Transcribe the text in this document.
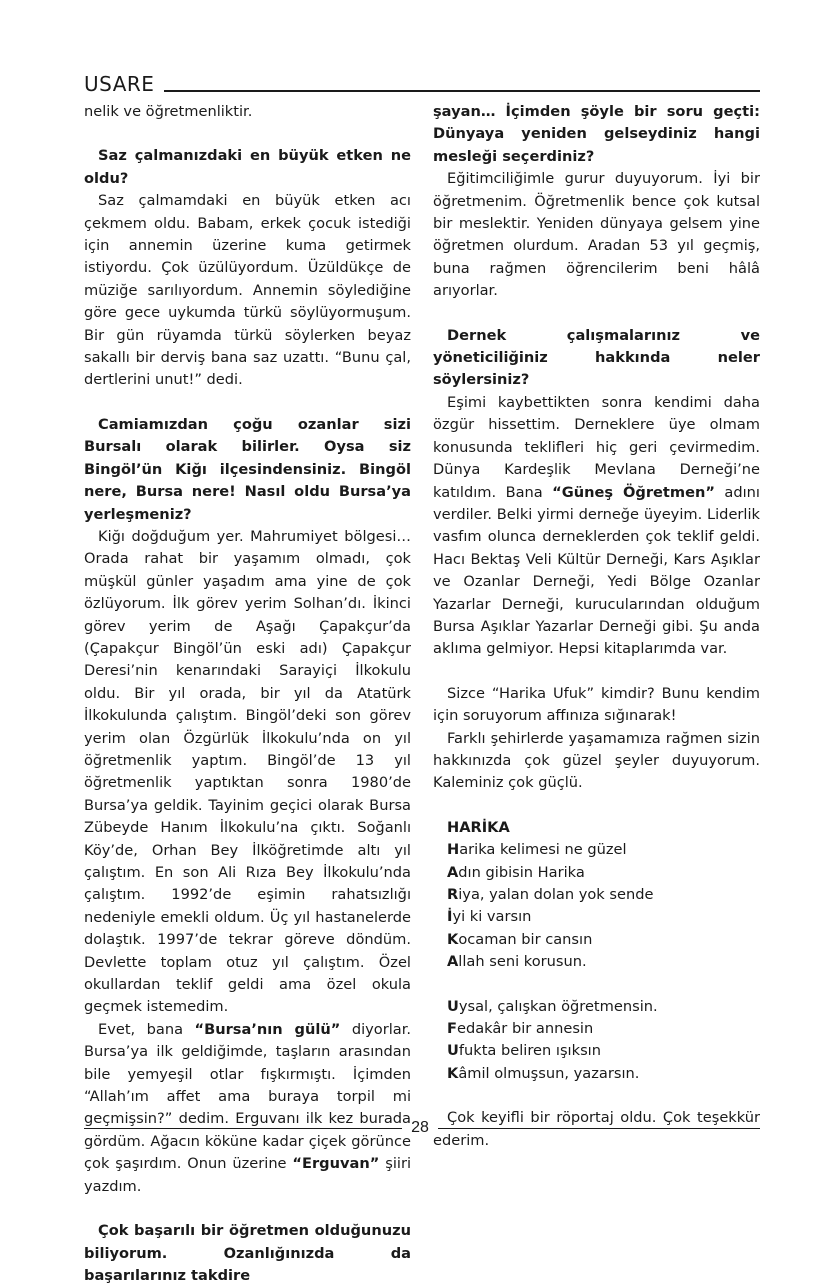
USARE

nelik ve öğretmenliktir.

Saz çalmanızdaki en büyük etken ne oldu?

Saz çalmamdaki en büyük etken acı çekmem oldu. Babam, erkek çocuk istediği için annemin üzerine kuma getirmek istiyordu. Çok üzülüyordum. Üzüldükçe de müziğe sarılıyordum. Annemin söylediğine göre gece uykumda türkü söylüyormuşum. Bir gün rüyamda türkü söylerken beyaz sakallı bir derviş bana saz uzattı. “Bunu çal, dertlerini unut!” dedi.

Camiamızdan çoğu ozanlar sizi Bursalı olarak bilirler. Oysa siz Bingöl’ün Kiğı ilçesindensiniz. Bingöl nere, Bursa nere! Nasıl oldu Bursa’ya yerleşmeniz?

Kiğı doğduğum yer. Mahrumiyet bölgesi… Orada rahat bir yaşamım olmadı, çok müşkül günler yaşadım ama yine de çok özlüyorum. İlk görev yerim Solhan’dı. İkinci görev yerim de Aşağı Çapakçur’da (Çapakçur Bingöl’ün eski adı) Çapakçur Deresi’nin kenarındaki Sarayiçi İlkokulu oldu. Bir yıl orada, bir yıl da Atatürk İlkokulunda çalıştım. Bingöl’deki son görev yerim olan Özgürlük İlkokulu’nda on yıl öğretmenlik yaptım. Bingöl’de 13 yıl öğretmenlik yaptıktan sonra 1980’de Bursa’ya geldik. Tayinim geçici olarak Bursa Zübeyde Hanım İlkokulu’na çıktı. Soğanlı Köy’de, Orhan Bey İlköğretimde altı yıl çalıştım. En son Ali Rıza Bey İlkokulu’nda çalıştım. 1992’de eşimin rahatsızlığı nedeniyle emekli oldum. Üç yıl hastanelerde dolaştık. 1997’de tekrar göreve döndüm. Devlette toplam otuz yıl çalıştım. Özel okullardan teklif geldi ama özel okula geçmek istemedim.

Evet, bana “Bursa’nın gülü” diyorlar. Bursa’ya ilk geldiğimde, taşların arasından bile yemyeşil otlar fışkırmıştı. İçimden “Allah’ım affet ama buraya torpil mi geçmişsin?” dedim. Erguvanı ilk kez burada gördüm. Ağacın köküne kadar çiçek görünce çok şaşırdım. Onun üzerine “Erguvan” şiiri yazdım.

Çok başarılı bir öğretmen olduğunuzu biliyorum. Ozanlığınızda da başarılarınız takdire

şayan… İçimden şöyle bir soru geçti: Dünyaya yeniden gelseydiniz hangi mesleği seçerdiniz?

Eğitimciliğimle gurur duyuyorum. İyi bir öğretmenim. Öğretmenlik bence çok kutsal bir meslektir. Yeniden dünyaya gelsem yine öğretmen olurdum. Aradan 53 yıl geçmiş, buna rağmen öğrencilerim beni hâlâ arıyorlar.

Dernek çalışmalarınız ve yöneticiliğiniz hakkında neler söylersiniz?

Eşimi kaybettikten sonra kendimi daha özgür hissettim. Derneklere üye olmam konusunda teklifleri hiç geri çevirmedim. Dünya Kardeşlik Mevlana Derneği’ne katıldım. Bana “Güneş Öğretmen” adını verdiler. Belki yirmi derneğe üyeyim. Liderlik vasfım olunca derneklerden çok teklif geldi. Hacı Bektaş Veli Kültür Derneği, Kars Aşıklar ve Ozanlar Derneği, Yedi Bölge Ozanlar Yazarlar Derneği, kurucularından olduğum Bursa Aşıklar Yazarlar Derneği gibi. Şu anda aklıma gelmiyor. Hepsi kitaplarımda var.

Sizce “Harika Ufuk” kimdir? Bunu kendim için soruyorum affınıza sığınarak!

Farklı şehirlerde yaşamamıza rağmen sizin hakkınızda çok güzel şeyler duyuyorum. Kaleminiz çok güçlü.

HARİKA

Harika kelimesi ne güzel

Adın gibisin Harika

Riya, yalan dolan yok sende

İyi ki varsın

Kocaman bir cansın

Allah seni korusun.

Uysal, çalışkan öğretmensin.

Fedakâr bir annesin

Ufukta beliren ışıksın

Kâmil olmuşsun, yazarsın.

Çok keyifli bir röportaj oldu. Çok teşekkür ederim.

28
